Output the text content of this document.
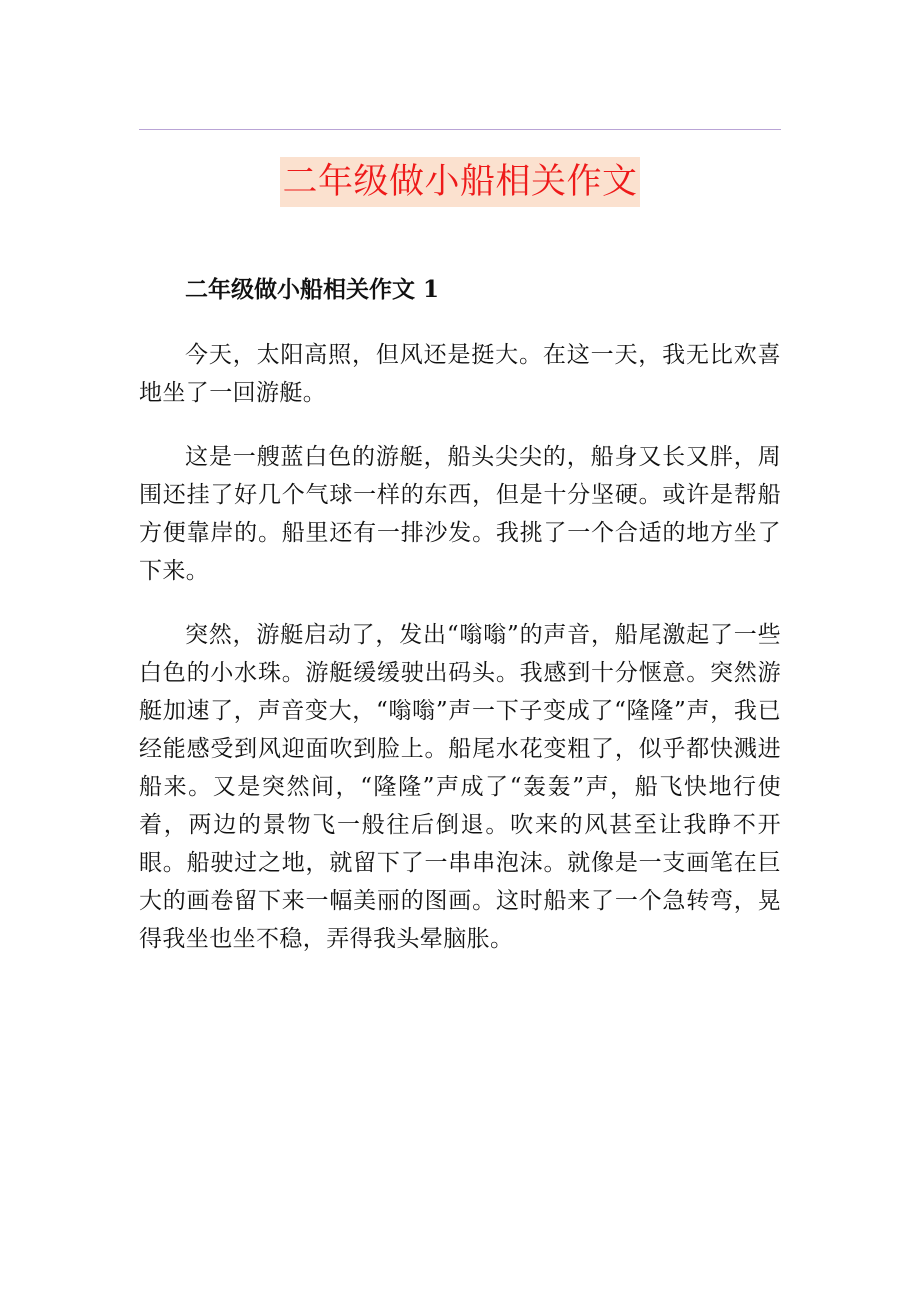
二年级做小船相关作文

二年级做小船相关作文 1

今天，太阳高照，但风还是挺大。在这一天，我无比欢喜地坐了一回游艇。

这是一艘蓝白色的游艇，船头尖尖的，船身又长又胖，周围还挂了好几个气球一样的东西，但是十分坚硬。或许是帮船方便靠岸的。船里还有一排沙发。我挑了一个合适的地方坐了下来。

突然，游艇启动了，发出“嗡嗡”的声音，船尾激起了一些白色的小水珠。游艇缓缓驶出码头。我感到十分惬意。突然游艇加速了，声音变大，“嗡嗡”声一下子变成了“隆隆”声，我已经能感受到风迎面吹到脸上。船尾水花变粗了，似乎都快溅进船来。又是突然间，“隆隆”声成了“轰轰”声，船飞快地行使着，两边的景物飞一般往后倒退。吹来的风甚至让我睁不开眼。船驶过之地，就留下了一串串泡沫。就像是一支画笔在巨大的画卷留下来一幅美丽的图画。这时船来了一个急转弯，晃得我坐也坐不稳，弄得我头晕脑胀。
